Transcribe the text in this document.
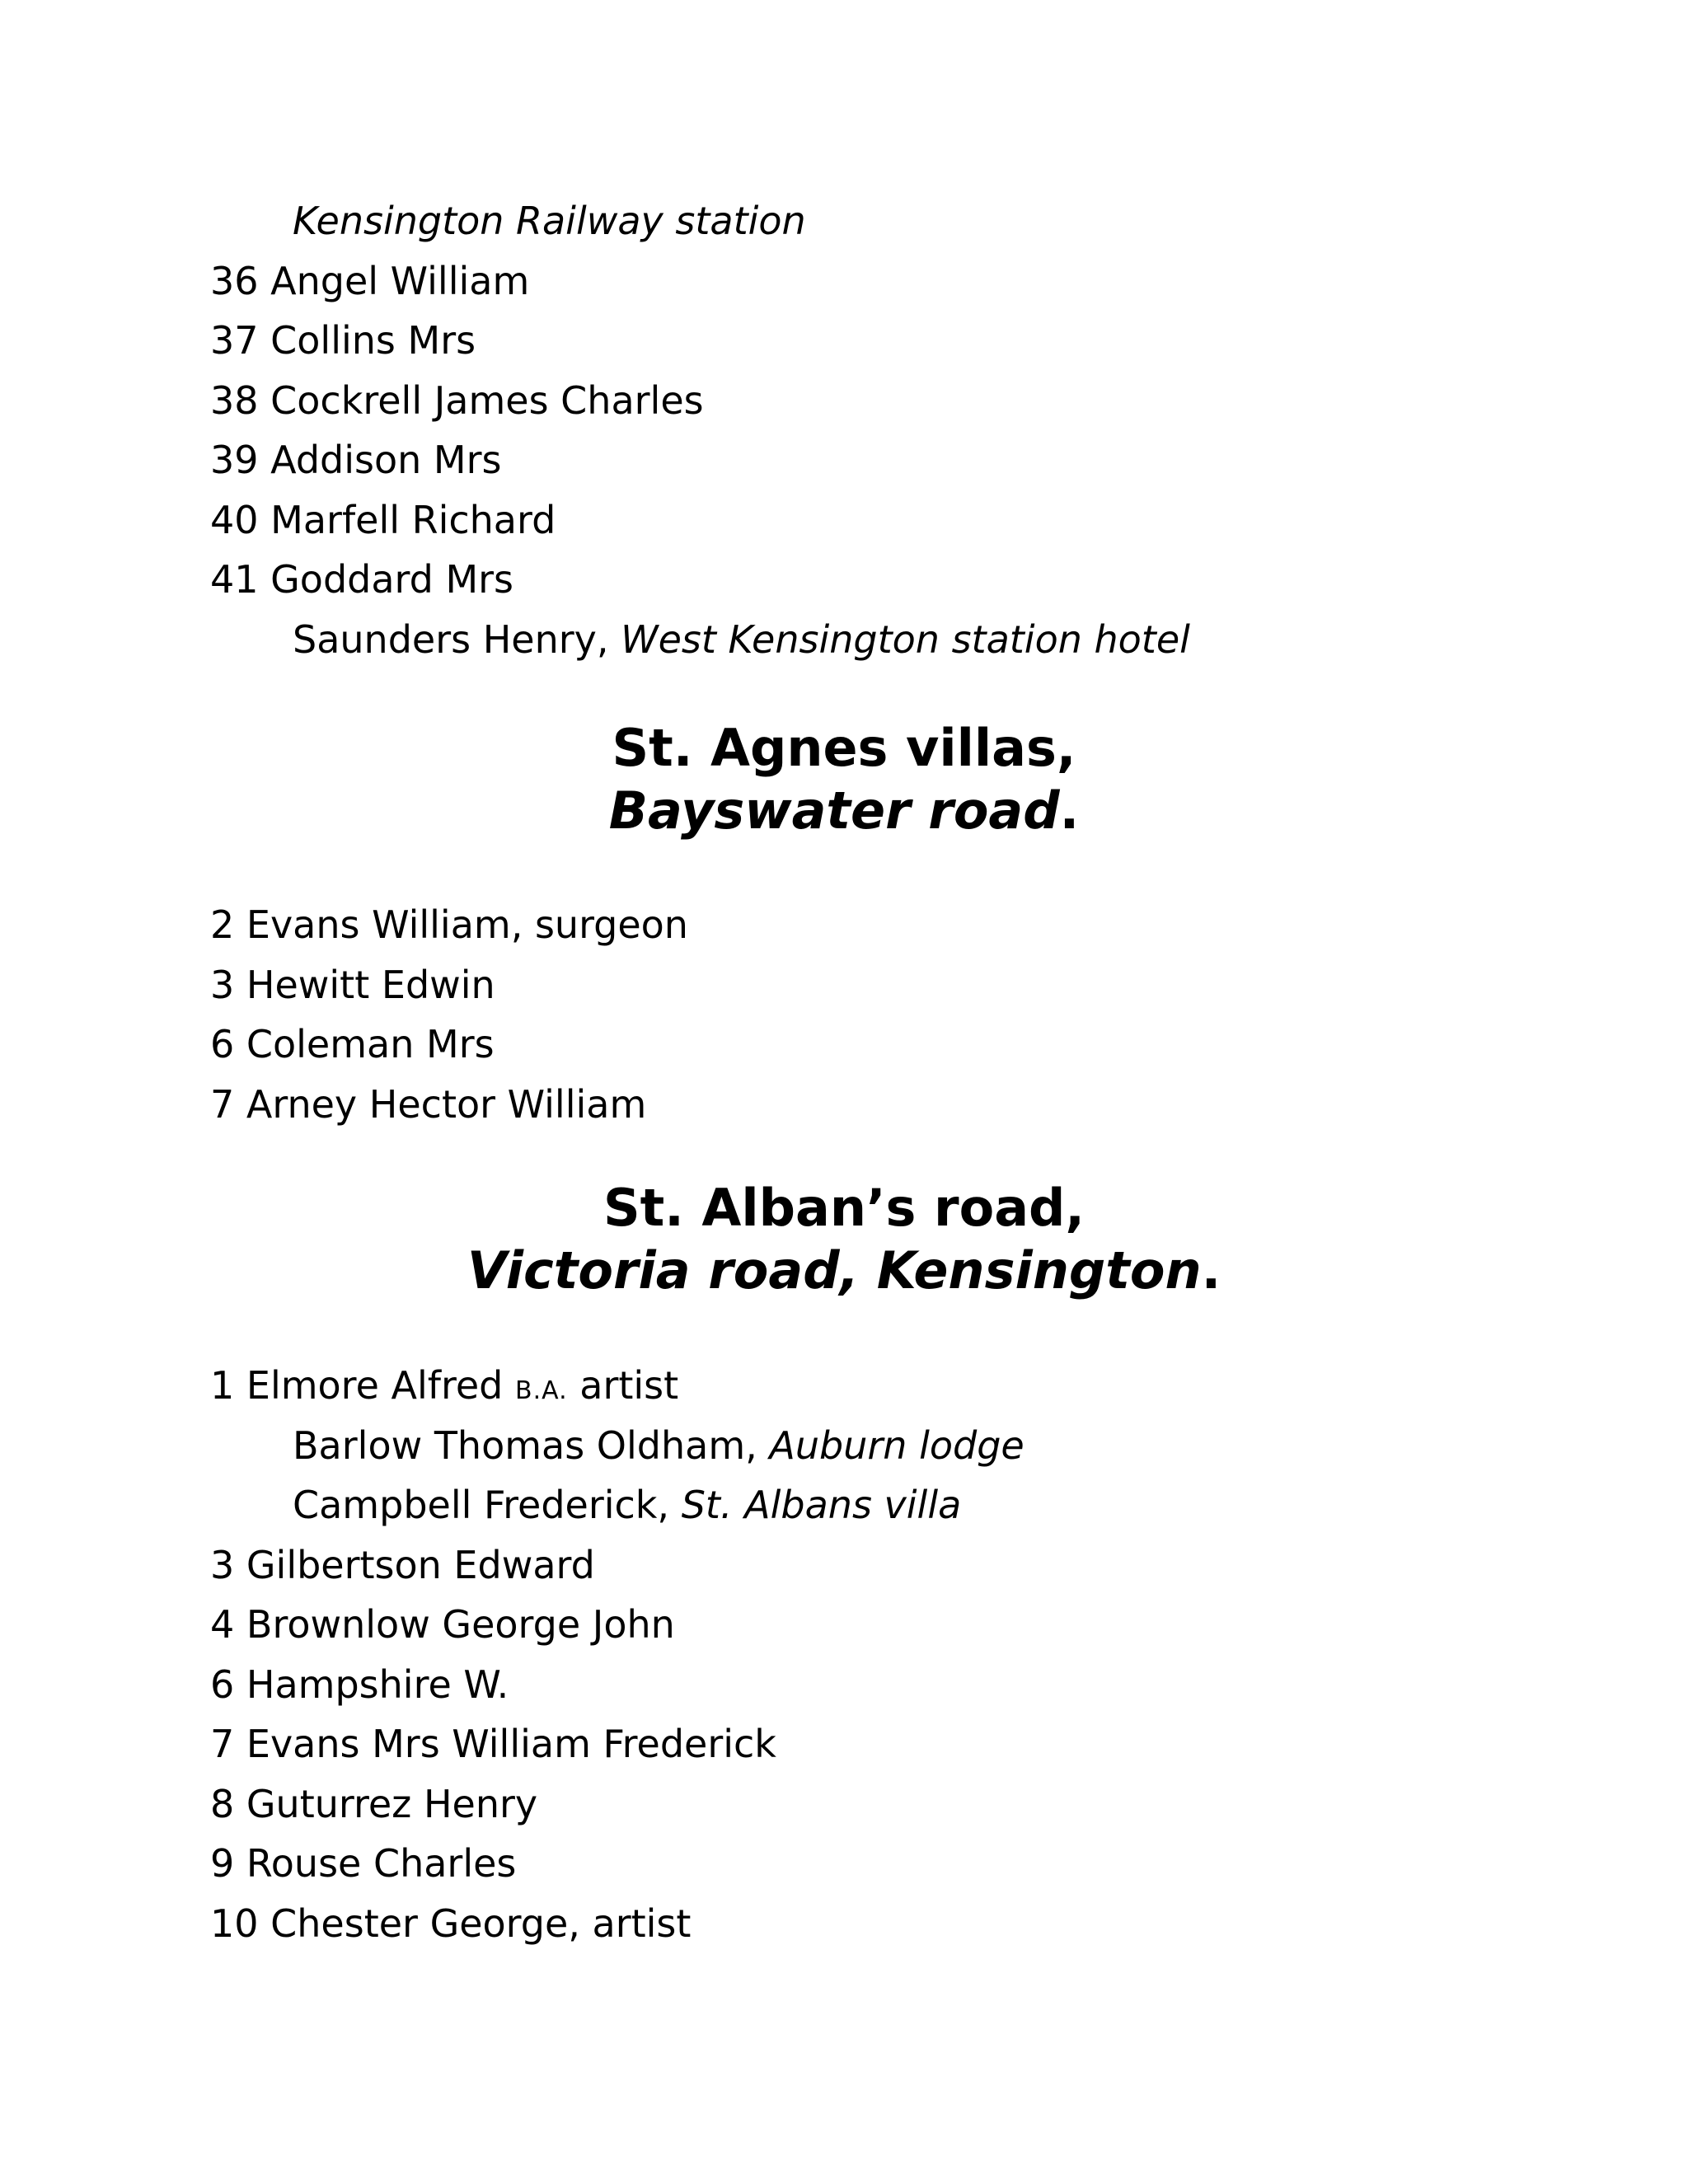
Kensington Railway station
36 Angel William
37 Collins Mrs
38 Cockrell James Charles
39 Addison Mrs
40 Marfell Richard
41 Goddard Mrs
Saunders Henry, West Kensington station hotel
St. Agnes villas,
Bayswater road.
2 Evans William, surgeon
3 Hewitt Edwin
6 Coleman Mrs
7 Arney Hector William
St. Alban’s road,
Victoria road, Kensington.
1 Elmore Alfred B.A. artist
Barlow Thomas Oldham, Auburn lodge
Campbell Frederick, St. Albans villa
3 Gilbertson Edward
4 Brownlow George John
6 Hampshire W.
7 Evans Mrs William Frederick
8 Guturrez Henry
9 Rouse Charles
10 Chester George, artist
